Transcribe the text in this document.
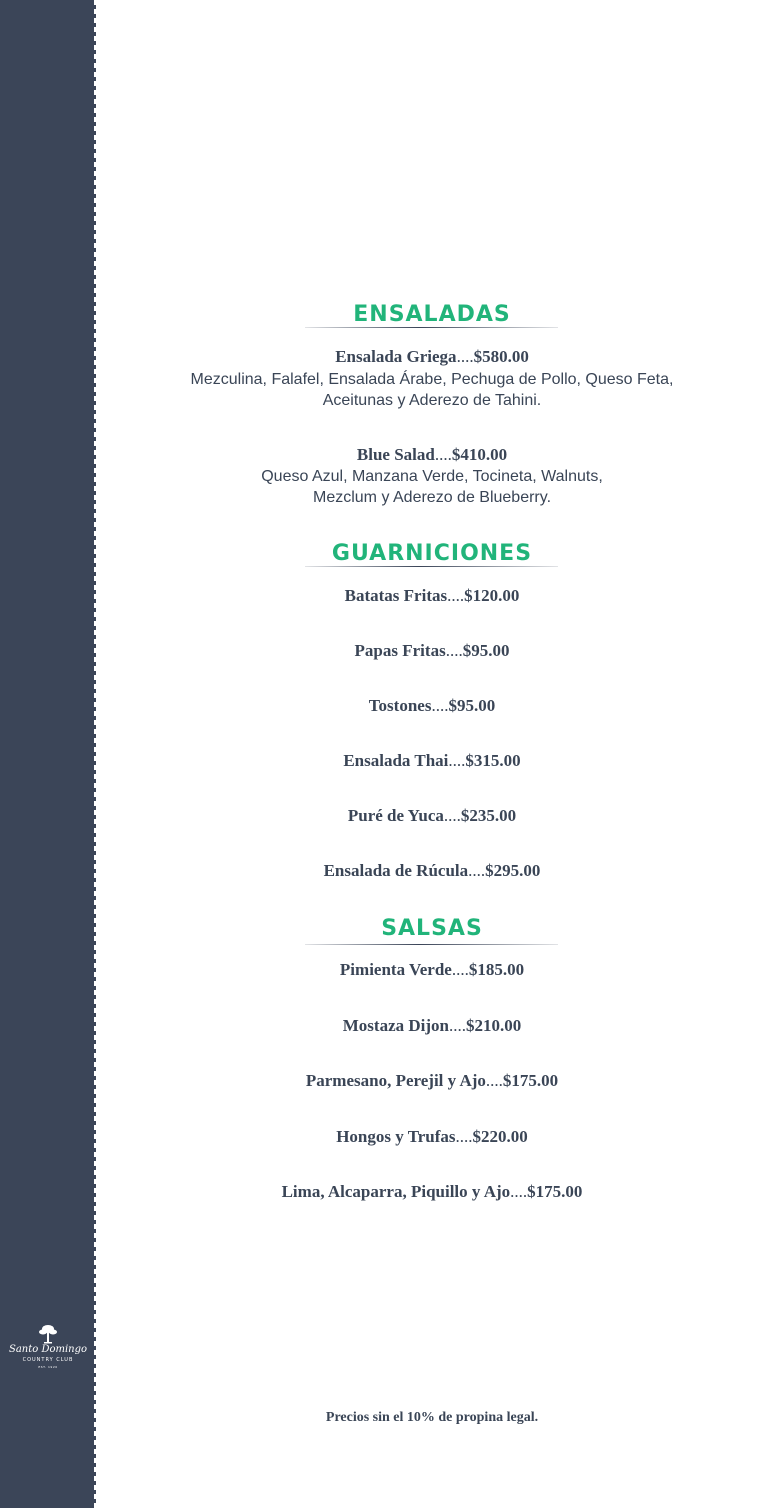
Santo Domingo
COUNTRY CLUB
EST. 1920
ENSALADAS
Ensalada Griega....$580.00
Mezculina, Falafel, Ensalada Árabe, Pechuga de Pollo, Queso Feta,
Aceitunas y Aderezo de Tahini.
Blue Salad....$410.00
Queso Azul, Manzana Verde, Tocineta, Walnuts,
Mezclum y Aderezo de Blueberry.
GUARNICIONES
Batatas Fritas....$120.00
Papas Fritas....$95.00
Tostones....$95.00
Ensalada Thai....$315.00
Puré de Yuca....$235.00
Ensalada de Rúcula....$295.00
SALSAS
Pimienta Verde....$185.00
Mostaza Dijon....$210.00
Parmesano, Perejil y Ajo....$175.00
Hongos y Trufas....$220.00
Lima, Alcaparra, Piquillo y Ajo....$175.00
Precios sin el 10% de propina legal.
